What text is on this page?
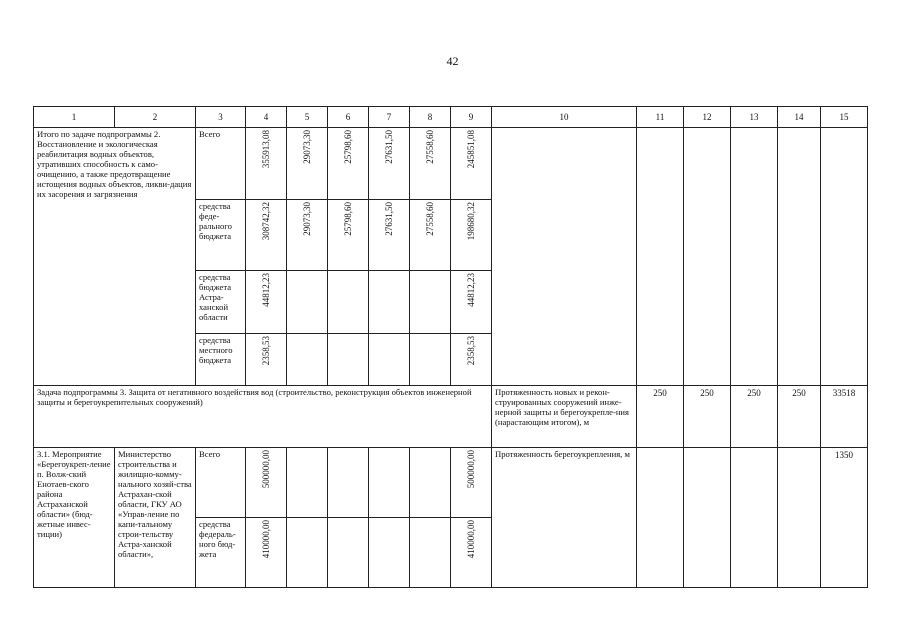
42
1	2	3	4	5	6	7	8	9	10	11	12	13	14	15
Итого по задаче подпрограммы 2. Восстановление и экологическая реабилитация водных объектов, утративших способность к само-очищению, а также предотвращение истощения водных объектов, ликви-дация их засорения и загрязнения		Всего	355913,08	29073,30	25798,60	27631,50	27558,60	245851,08						
		средства феде-рального бюджета	308742,32	29073,30	25798,60	27631,50	27558,60	198680,32						
		средства бюджета Астра-ханской области	44812,23					44812,23						
		средства местного бюджета	2358,53					2358,53						
Задача подпрограммы 3. Защита от негативного воздействия вод (строительство, реконструкция объектов инженерной защиты и берегоукрепительных сооружений)									Протяженность новых и рекон-струированных сооружений инже-нерной защиты и берегоукрепле-ния (нарастающим итогом), м	250	250	250	250	33518
3.1. Мероприятие «Берегоукреп-ление п. Волж-ский Енотаев-ского района Астраханской области» (бюд-жетные инвес-тиции)	Министерство строительства и жилищно-комму-нального хозяй-ства Астрахан-ской области, ГКУ АО «Управ-ление по капи-тальному строи-тельству Астра-ханской области»,	Всего	500000,00					500000,00	Протяженность берегоукрепления, м					1350
		средства федераль-ного бюд-жета	410000,00					410000,00						
